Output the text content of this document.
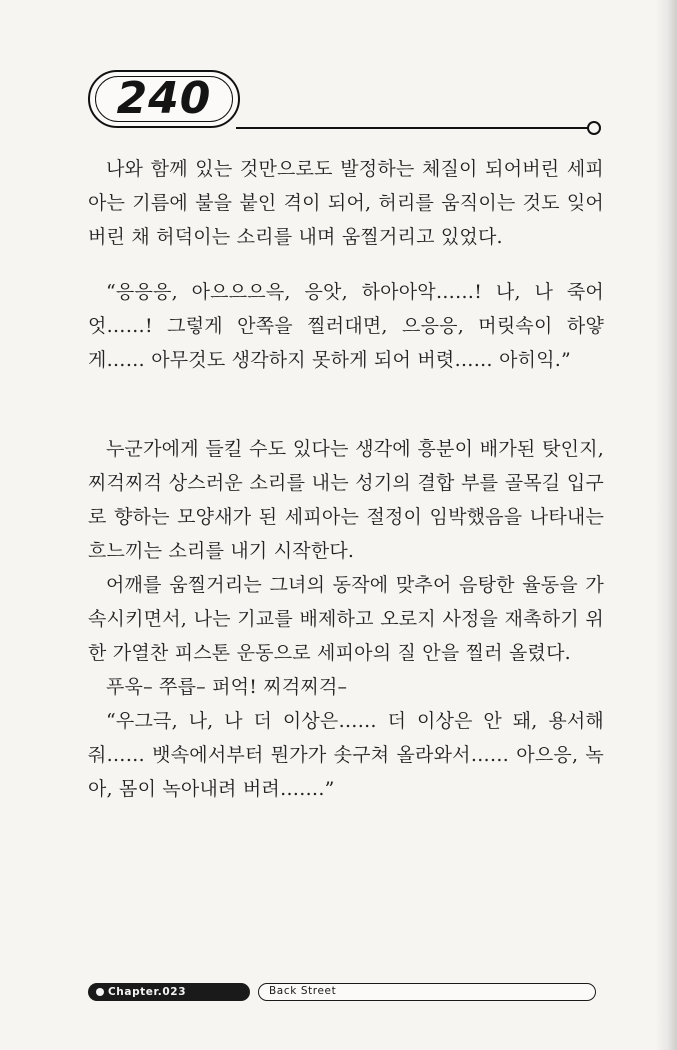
240

나와 함께 있는 것만으로도 발정하는 체질이 되어버린 세피아는 기름에 불을 붙인 격이 되어, 허리를 움직이는 것도 잊어버린 채 허덕이는 소리를 내며 움찔거리고 있었다.

“응응응, 아으으으윽, 응앗, 하아아악……! 나, 나 죽어엇……! 그렇게 안쪽을 찔러대면, 으응응, 머릿속이 하얗게…… 아무것도 생각하지 못하게 되어 버렷…… 아히익.”

누군가에게 들킬 수도 있다는 생각에 흥분이 배가된 탓인지, 찌걱찌걱 상스러운 소리를 내는 성기의 결합 부를 골목길 입구로 향하는 모양새가 된 세피아는 절정이 임박했음을 나타내는 흐느끼는 소리를 내기 시작한다.

어깨를 움찔거리는 그녀의 동작에 맞추어 음탕한 율동을 가속시키면서, 나는 기교를 배제하고 오로지 사정을 재촉하기 위한 가열찬 피스톤 운동으로 세피아의 질 안을 찔러 올렸다.

푸욱– 쭈릅– 퍼억! 찌걱찌걱–

“우그극, 나, 나 더 이상은…… 더 이상은 안 돼, 용서해줘…… 뱃속에서부터 뭔가가 솟구쳐 올라와서…… 아으응, 녹아, 몸이 녹아내려 버려…….”

Chapter.023	Back Street
